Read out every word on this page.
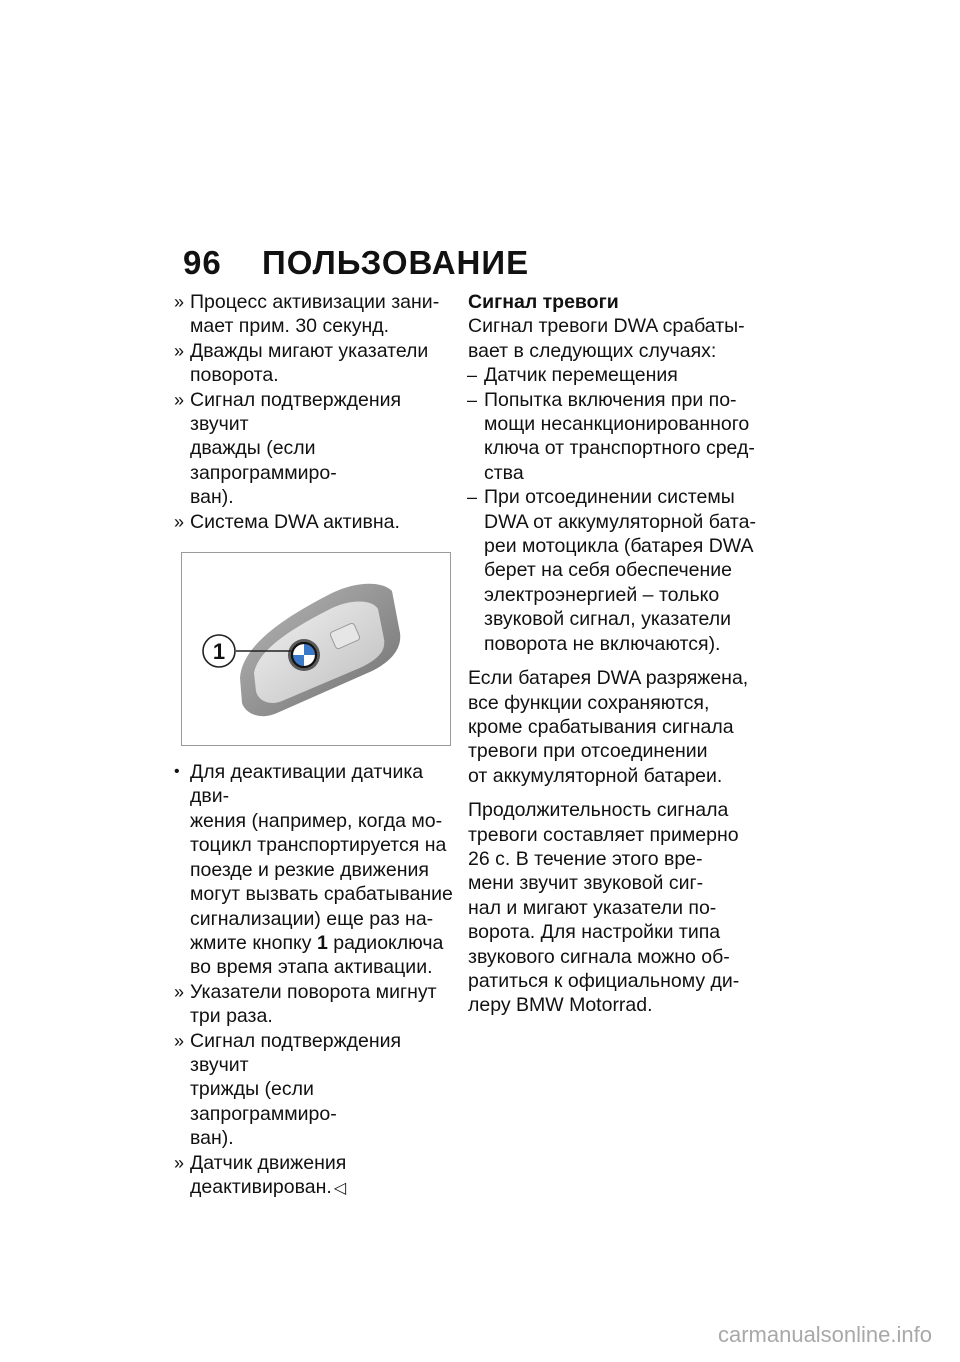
96 ПОЛЬЗОВАНИЕ
» Процесс активизации зани-
мает прим. 30 секунд.
» Дважды мигают указатели
поворота.
» Сигнал подтверждения звучит
дважды (если запрограммиро-
ван).
» Система DWA активна.
1
• Для деактивации датчика дви-
жения (например, когда мо-
тоцикл транспортируется на
поезде и резкие движения
могут вызвать срабатывание
сигнализации) еще раз на-
жмите кнопку 1 радиоключа
во время этапа активации.
» Указатели поворота мигнут
три раза.
» Сигнал подтверждения звучит
трижды (если запрограммиро-
ван).
» Датчик движения
деактивирован. ◁
Сигнал тревоги
Сигнал тревоги DWA срабаты-
вает в следующих случаях:
– Датчик перемещения
– Попытка включения при по-
мощи несанкционированного
ключа от транспортного сред-
ства
– При отсоединении системы
DWA от аккумуляторной бата-
реи мотоцикла (батарея DWA
берет на себя обеспечение
электроэнергией – только
звуковой сигнал, указатели
поворота не включаются).
Если батарея DWA разряжена,
все функции сохраняются,
кроме срабатывания сигнала
тревоги при отсоединении
от аккумуляторной батареи.
Продолжительность сигнала
тревоги составляет примерно
26 с. В течение этого вре-
мени звучит звуковой сиг-
нал и мигают указатели по-
ворота. Для настройки типа
звукового сигнала можно об-
ратиться к официальному ди-
леру BMW Motorrad.
carmanualsonline.info
